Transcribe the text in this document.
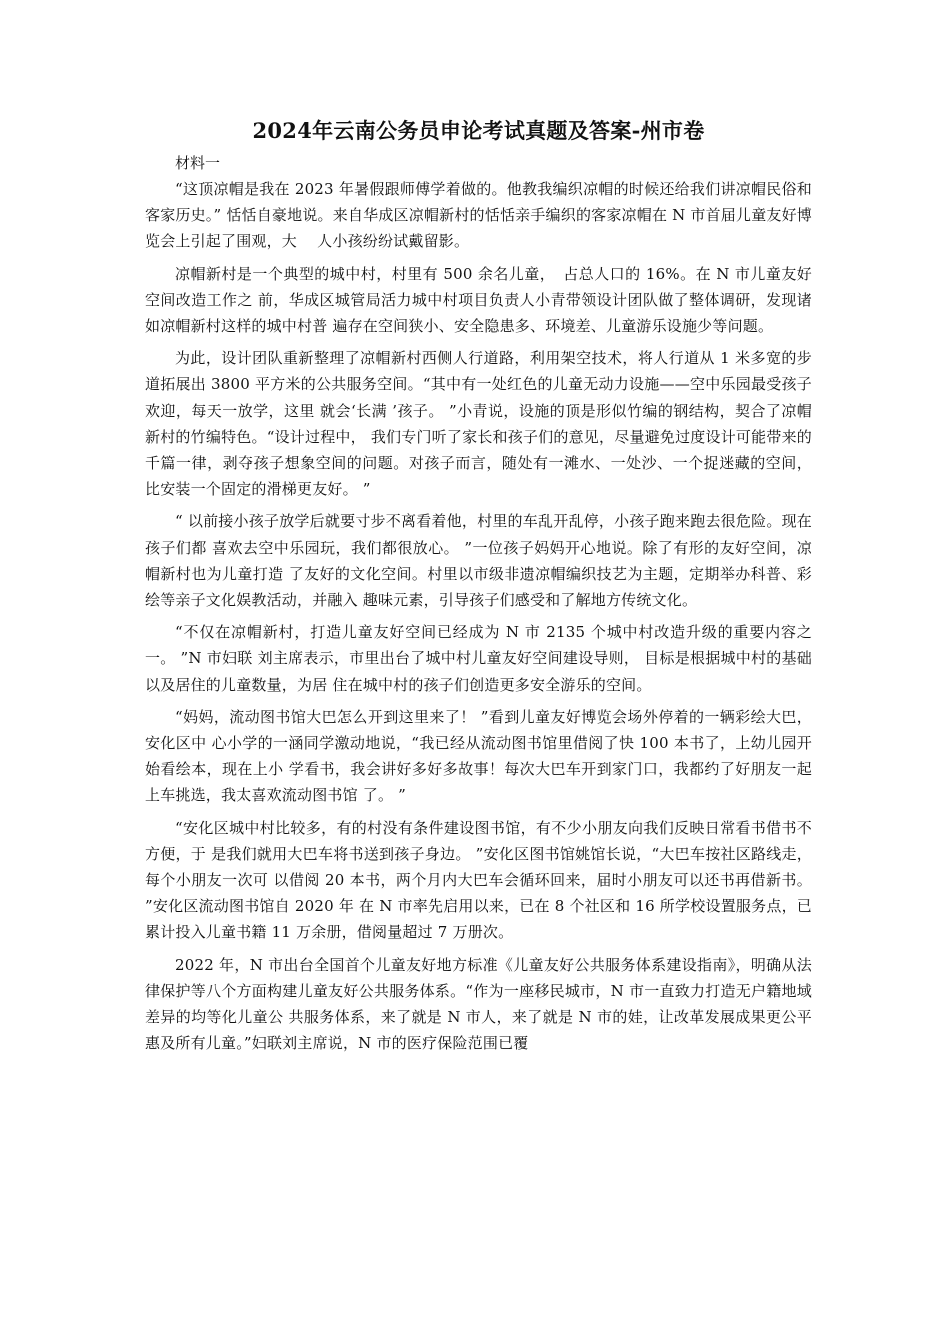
2024年云南公务员申论考试真题及答案-州市卷

材料一

“这顶凉帽是我在 2023 年暑假跟师傅学着做的。他教我编织凉帽的时候还给我们讲凉帽民俗和客家历史。” 恬恬自豪地说。来自华成区凉帽新村的恬恬亲手编织的客家凉帽在 N 市首届儿童友好博览会上引起了围观，大　 人小孩纷纷试戴留影。

凉帽新村是一个典型的城中村，村里有 500 余名儿童，　占总人口的 16%。在 N 市儿童友好空间改造工作之 前，华成区城管局活力城中村项目负责人小青带领设计团队做了整体调研，发现诸如凉帽新村这样的城中村普 遍存在空间狭小、安全隐患多、环境差、儿童游乐设施少等问题。

为此，设计团队重新整理了凉帽新村西侧人行道路，利用架空技术，将人行道从 1 米多宽的步道拓展出 3800 平方米的公共服务空间。“其中有一处红色的儿童无动力设施——空中乐园最受孩子欢迎，每天一放学，这里 就会‘长满 ’孩子。 ”小青说，设施的顶是形似竹编的钢结构，契合了凉帽新村的竹编特色。“设计过程中， 我们专门听了家长和孩子们的意见，尽量避免过度设计可能带来的千篇一律，剥夺孩子想象空间的问题。对孩子而言，随处有一滩水、一处沙、一个捉迷藏的空间，比安装一个固定的滑梯更友好。 ”

“ 以前接小孩子放学后就要寸步不离看着他，村里的车乱开乱停，小孩子跑来跑去很危险。现在孩子们都 喜欢去空中乐园玩，我们都很放心。 ”一位孩子妈妈开心地说。除了有形的友好空间，凉帽新村也为儿童打造 了友好的文化空间。村里以市级非遗凉帽编织技艺为主题，定期举办科普、彩绘等亲子文化娱教活动，并融入 趣味元素，引导孩子们感受和了解地方传统文化。

“不仅在凉帽新村，打造儿童友好空间已经成为 N 市 2135 个城中村改造升级的重要内容之一。 ”N 市妇联 刘主席表示，市里出台了城中村儿童友好空间建设导则， 目标是根据城中村的基础以及居住的儿童数量，为居 住在城中村的孩子们创造更多安全游乐的空间。

“妈妈，流动图书馆大巴怎么开到这里来了！ ”看到儿童友好博览会场外停着的一辆彩绘大巴，安化区中 心小学的一涵同学激动地说，“我已经从流动图书馆里借阅了快 100 本书了，上幼儿园开始看绘本，现在上小 学看书，我会讲好多好多故事！每次大巴车开到家门口，我都约了好朋友一起上车挑选，我太喜欢流动图书馆 了。 ”

“安化区城中村比较多，有的村没有条件建设图书馆，有不少小朋友向我们反映日常看书借书不方便，于 是我们就用大巴车将书送到孩子身边。 ”安化区图书馆姚馆长说，“大巴车按社区路线走，每个小朋友一次可 以借阅 20 本书，两个月内大巴车会循环回来，届时小朋友可以还书再借新书。 ”安化区流动图书馆自 2020 年 在 N 市率先启用以来，已在 8 个社区和 16 所学校设置服务点，已累计投入儿童书籍 11 万余册，借阅量超过 7 万册次。

2022 年，N 市出台全国首个儿童友好地方标准《儿童友好公共服务体系建设指南》，明确从法律保护等八个方面构建儿童友好公共服务体系。“作为一座移民城市，N 市一直致力打造无户籍地域差异的均等化儿童公 共服务体系，来了就是 N 市人，来了就是 N 市的娃，让改革发展成果更公平惠及所有儿童。”妇联刘主席说，N 市的医疗保险范围已覆
